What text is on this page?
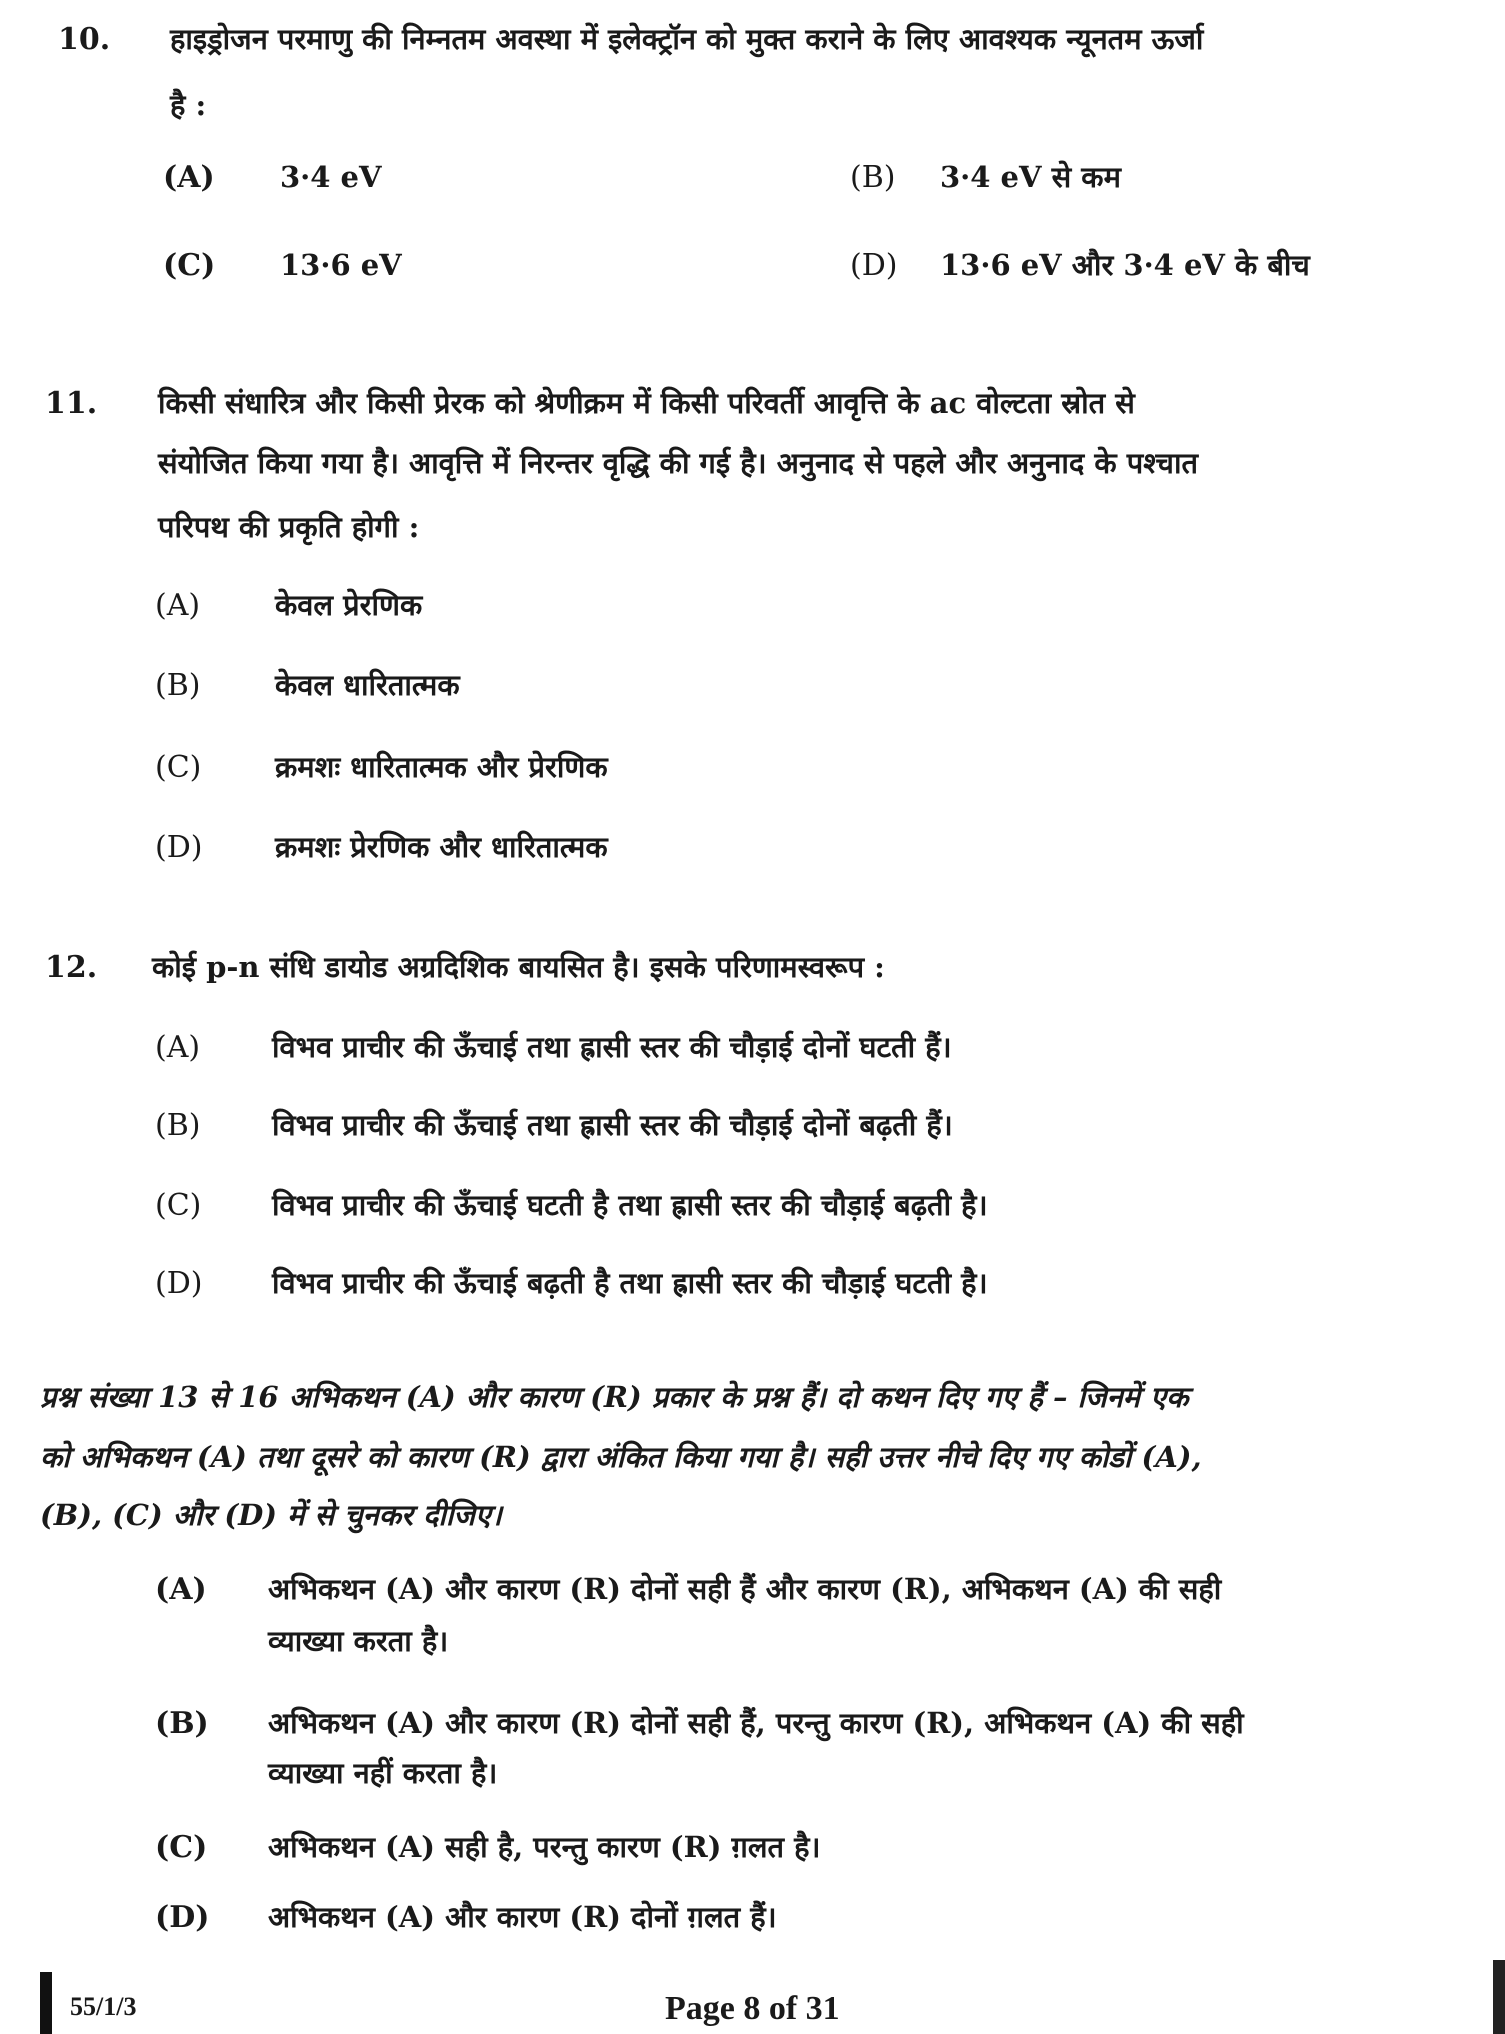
10. हाइड्रोजन परमाणु की निम्नतम अवस्था में इलेक्ट्रॉन को मुक्त कराने के लिए आवश्यक न्यूनतम ऊर्जा
है :
(A) 3·4 eV	(B) 3·4 eV से कम
(C) 13·6 eV	(D) 13·6 eV और 3·4 eV के बीच
11. किसी संधारित्र और किसी प्रेरक को श्रेणीक्रम में किसी परिवर्ती आवृत्ति के ac वोल्टता स्रोत से
संयोजित किया गया है। आवृत्ति में निरन्तर वृद्धि की गई है। अनुनाद से पहले और अनुनाद के पश्चात
परिपथ की प्रकृति होगी :
(A)	केवल प्रेरणिक
(B)	केवल धारितात्मक
(C)	क्रमशः धारितात्मक और प्रेरणिक
(D)	क्रमशः प्रेरणिक और धारितात्मक
12. कोई p-n संधि डायोड अग्रदिशिक बायसित है। इसके परिणामस्वरूप :
(A) विभव प्राचीर की ऊँचाई तथा ह्रासी स्तर की चौड़ाई दोनों घटती हैं।
(B) विभव प्राचीर की ऊँचाई तथा ह्रासी स्तर की चौड़ाई दोनों बढ़ती हैं।
(C) विभव प्राचीर की ऊँचाई घटती है तथा ह्रासी स्तर की चौड़ाई बढ़ती है।
(D) विभव प्राचीर की ऊँचाई बढ़ती है तथा ह्रासी स्तर की चौड़ाई घटती है।
प्रश्न संख्या 13 से 16 अभिकथन (A) और कारण (R) प्रकार के प्रश्न हैं। दो कथन दिए गए हैं – जिनमें एक
को अभिकथन (A) तथा दूसरे को कारण (R) द्वारा अंकित किया गया है। सही उत्तर नीचे दिए गए कोडों (A),
(B), (C) और (D) में से चुनकर दीजिए।
(A) अभिकथन (A) और कारण (R) दोनों सही हैं और कारण (R), अभिकथन (A) की सही
व्याख्या करता है।
(B) अभिकथन (A) और कारण (R) दोनों सही हैं, परन्तु कारण (R), अभिकथन (A) की सही
व्याख्या नहीं करता है।
(C) अभिकथन (A) सही है, परन्तु कारण (R) ग़लत है।
(D) अभिकथन (A) और कारण (R) दोनों ग़लत हैं।
55/1/3	Page 8 of 31
